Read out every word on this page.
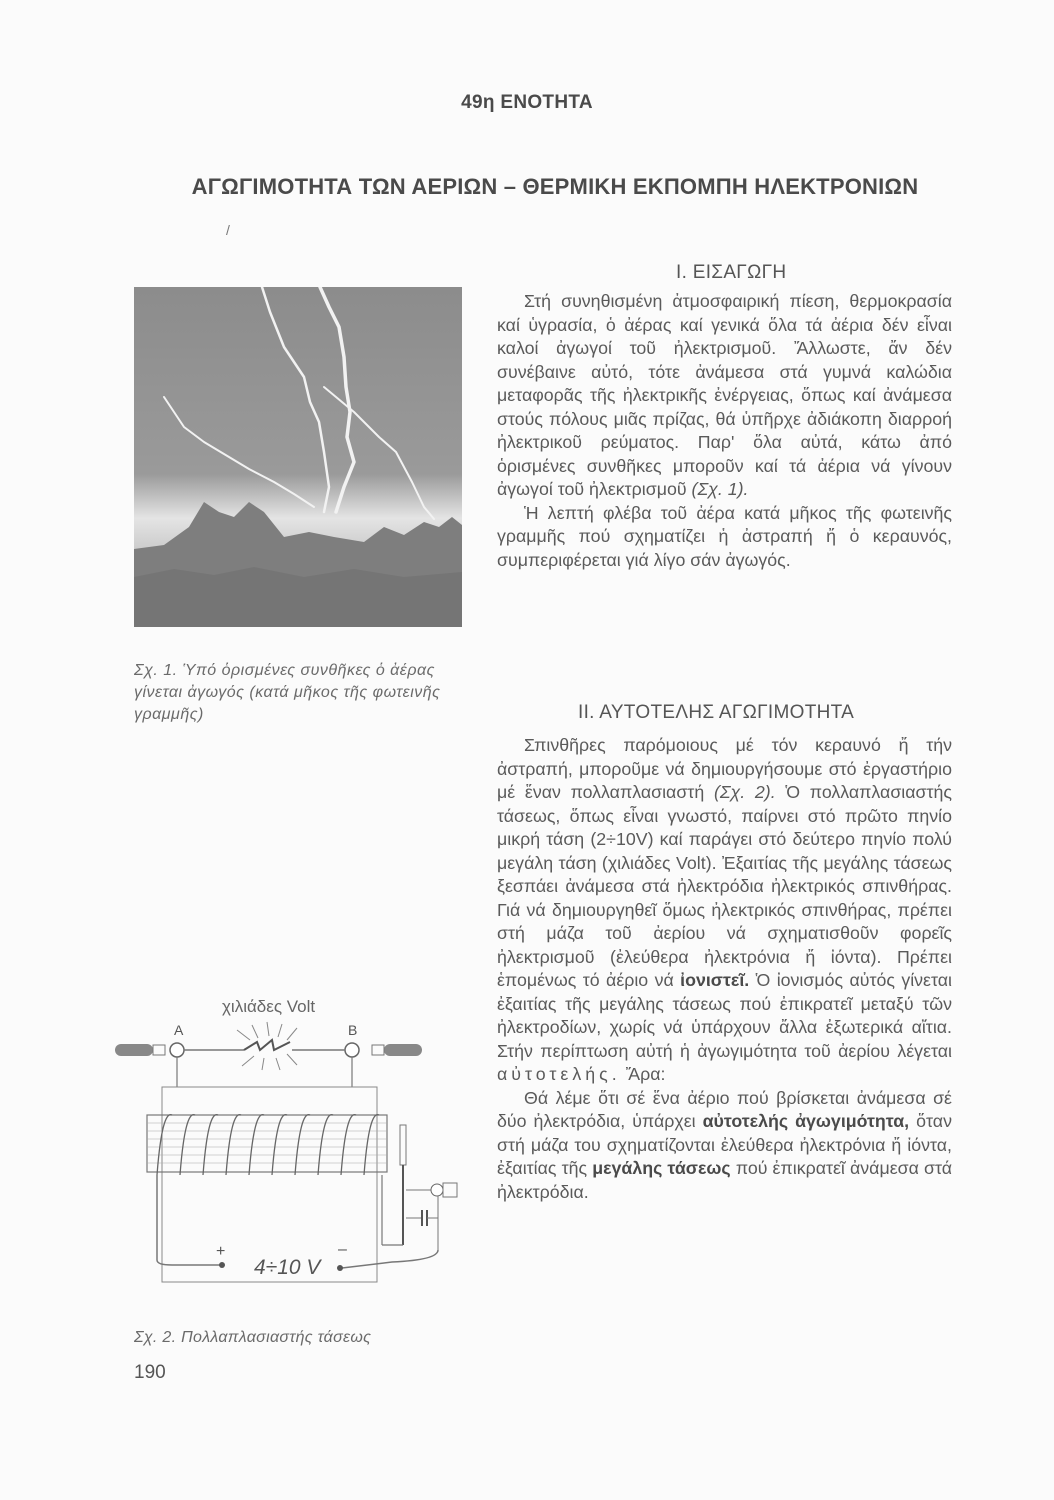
49η ΕΝΟΤΗΤΑ
ΑΓΩΓΙΜΟΤΗΤΑ ΤΩΝ ΑΕΡΙΩΝ – ΘΕΡΜΙΚΗ ΕΚΠΟΜΠΗ ΗΛΕΚΤΡΟΝΙΩΝ
/
Σχ. 1. Ὑπό ὁρισμένες συνθῆκες ὁ ἀέρας γίνεται ἀγωγός (κατά μῆκος τῆς φωτεινῆς γραμμῆς)
Ι. ΕΙΣΑΓΩΓΗ

Στή συνηθισμένη ἀτμοσφαιρική πίεση, θερμοκρασία καί ὑγρασία, ὁ ἀέρας καί γενικά ὅλα τά ἀέρια δέν εἶναι καλοί ἀγωγοί τοῦ ἠλεκτρισμοῦ. Ἄλλωστε, ἄν δέν συνέβαινε αὐτό, τότε ἀνάμεσα στά γυμνά καλώδια μεταφορᾶς τῆς ἠλεκτρικῆς ἐνέργειας, ὅπως καί ἀνάμεσα στούς πόλους μιᾶς πρίζας, θά ὑπῆρχε ἀδιάκοπη διαρροή ἠλεκτρικοῦ ρεύματος. Παρ' ὅλα αὐτά, κάτω ἀπό ὁρισμένες συνθῆκες μποροῦν καί τά ἀέρια νά γίνουν ἀγωγοί τοῦ ἠλεκτρισμοῦ (Σχ. 1).

Ἡ λεπτή φλέβα τοῦ ἀέρα κατά μῆκος τῆς φωτεινῆς γραμμῆς πού σχηματίζει ἡ ἀστραπή ἤ ὁ κεραυνός, συμπεριφέρεται γιά λίγο σάν ἀγωγός.

ΙΙ. ΑΥΤΟΤΕΛΗΣ ΑΓΩΓΙΜΟΤΗΤΑ

Σπινθῆρες παρόμοιους μέ τόν κεραυνό ἤ τήν ἀστραπή, μποροῦμε νά δημιουργήσουμε στό ἐργαστήριο μέ ἕναν πολλαπλασιαστή (Σχ. 2). Ὁ πολλαπλασιαστής τάσεως, ὅπως εἶναι γνωστό, παίρνει στό πρῶτο πηνίο μικρή τάση (2÷10V) καί παράγει στό δεύτερο πηνίο πολύ μεγάλη τάση (χιλιάδες Volt). Ἐξαιτίας τῆς μεγάλης τάσεως ξεσπάει ἀνάμεσα στά ἠλεκτρόδια ἠλεκτρικός σπινθήρας. Γιά νά δημιουργηθεῖ ὅμως ἠλεκτρικός σπινθήρας, πρέπει στή μάζα τοῦ ἀερίου νά σχηματισθοῦν φορεῖς ἠλεκτρισμοῦ (ἐλεύθερα ἠλεκτρόνια ἤ ἰόντα). Πρέπει ἑπομένως τό ἀέριο νά ἰονιστεῖ. Ὁ ἰονισμός αὐτός γίνεται ἐξαιτίας τῆς μεγάλης τάσεως πού ἐπικρατεῖ μεταξύ τῶν ἠλεκτροδίων, χωρίς νά ὑπάρχουν ἄλλα ἐξωτερικά αἴτια. Στήν περίπτωση αὐτή ἡ ἀγωγιμότητα τοῦ ἀερίου λέγεται αὐτοτελής. Ἄρα:

Θά λέμε ὅτι σέ ἕνα ἀέριο πού βρίσκεται ἀνάμεσα σέ δύο ἠλεκτρόδια, ὑπάρχει αὐτοτελής ἀγωγιμότητα, ὅταν στή μάζα του σχηματίζονται ἐλεύθερα ἠλεκτρόνια ἤ ἰόντα, ἐξαιτίας τῆς μεγάλης τάσεως πού ἐπικρατεῖ ἀνάμεσα στά ἠλεκτρόδια.

χιλιάδες Volt
A	B
+	–
4÷10 V
Σχ. 2. Πολλαπλασιαστής τάσεως
190
